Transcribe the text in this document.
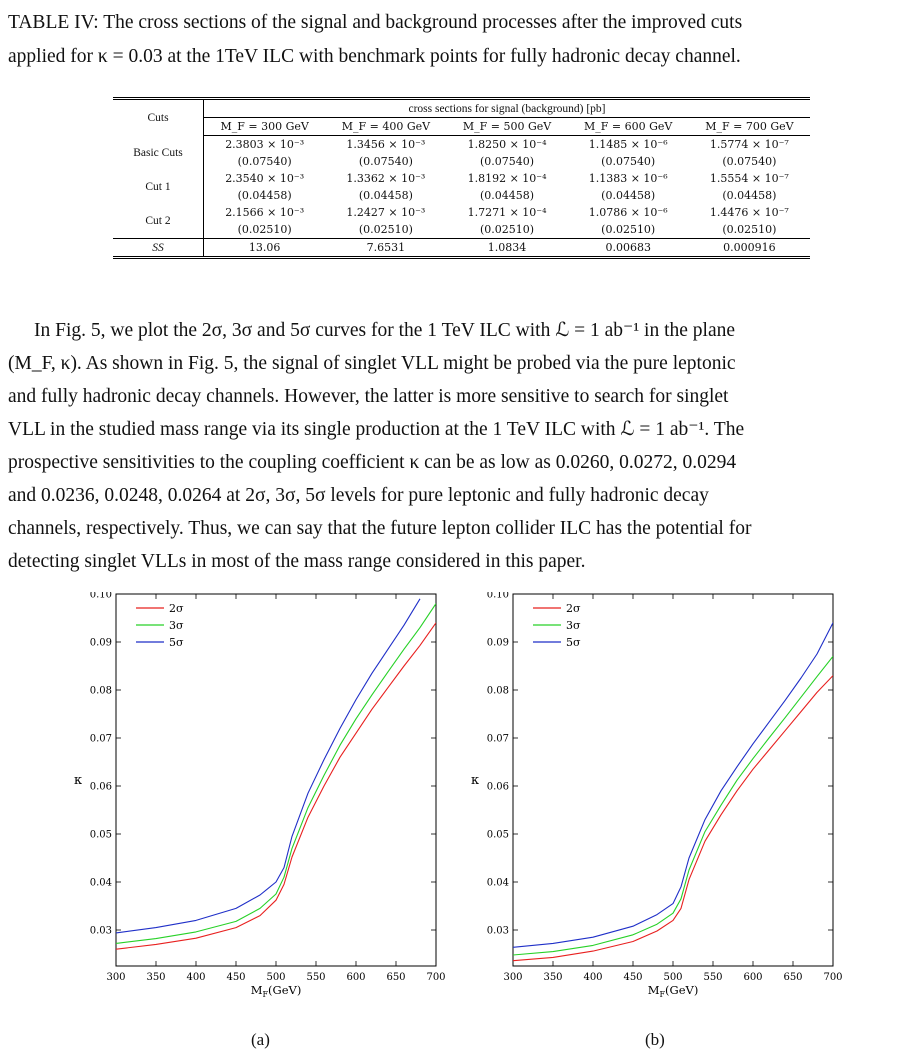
TABLE IV: The cross sections of the signal and background processes after the improved cuts
applied for κ = 0.03 at the 1TeV ILC with benchmark points for fully hadronic decay channel.
Cuts	cross sections for signal (background) [pb]				
	M_F = 300 GeV	M_F = 400 GeV	M_F = 500 GeV	M_F = 600 GeV	M_F = 700 GeV
Basic Cuts	2.3803 × 10⁻³	1.3456 × 10⁻³	1.8250 × 10⁻⁴	1.1485 × 10⁻⁶	1.5774 × 10⁻⁷
	(0.07540)	(0.07540)	(0.07540)	(0.07540)	(0.07540)
Cut 1	2.3540 × 10⁻³	1.3362 × 10⁻³	1.8192 × 10⁻⁴	1.1383 × 10⁻⁶	1.5554 × 10⁻⁷
	(0.04458)	(0.04458)	(0.04458)	(0.04458)	(0.04458)
Cut 2	2.1566 × 10⁻³	1.2427 × 10⁻³	1.7271 × 10⁻⁴	1.0786 × 10⁻⁶	1.4476 × 10⁻⁷
	(0.02510)	(0.02510)	(0.02510)	(0.02510)	(0.02510)
SS	13.06	7.6531	1.0834	0.00683	0.000916

In Fig. 5, we plot the 2σ, 3σ and 5σ curves for the 1 TeV ILC with ℒ = 1 ab⁻¹ in the plane

(M_F, κ). As shown in Fig. 5, the signal of singlet VLL might be probed via the pure leptonic
and fully hadronic decay channels. However, the latter is more sensitive to search for singlet
VLL in the studied mass range via its single production at the 1 TeV ILC with ℒ = 1 ab⁻¹. The
prospective sensitivities to the coupling coefficient κ can be as low as 0.0260, 0.0272, 0.0294
and 0.0236, 0.0248, 0.0264 at 2σ, 3σ, 5σ levels for pure leptonic and fully hadronic decay
channels, respectively. Thus, we can say that the future lepton collider ILC has the potential for
detecting singlet VLLs in most of the mass range considered in this paper.
300 350 400 450 500 550 600 650 700
0.03
0.04
0.05
0.06
0.07
0.08
0.09
0.10
$M_F(GeV)$
κ
2σ
3σ
5σ
300 350 400 450 500 550 600 650 700
0.03
0.04
0.05
0.06
0.07
0.08
0.09
0.10
$M_F(GeV)$
κ
2σ
3σ
5σ
(a)	(b)
